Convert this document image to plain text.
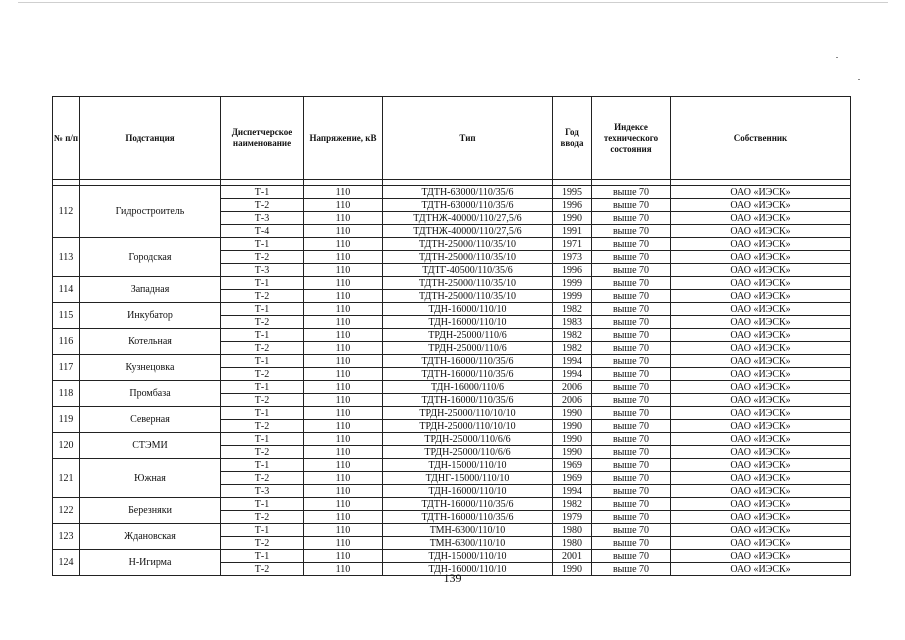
№ п/п	Подстанция	Диспетчерское наименование	Напряжение, кВ	Тип	Год ввода	Индексе технического состояния	Собственник

112	Гидростроитель	Т-1	110	ТДТН-63000/110/35/6	1995	выше 70	ОАО «ИЭСК»
		Т-2	110	ТДТН-63000/110/35/6	1996	выше 70	ОАО «ИЭСК»
		Т-3	110	ТДТНЖ-40000/110/27,5/6	1990	выше 70	ОАО «ИЭСК»
		Т-4	110	ТДТНЖ-40000/110/27,5/6	1991	выше 70	ОАО «ИЭСК»
113	Городская	Т-1	110	ТДТН-25000/110/35/10	1971	выше 70	ОАО «ИЭСК»
		Т-2	110	ТДТН-25000/110/35/10	1973	выше 70	ОАО «ИЭСК»
		Т-3	110	ТДТГ-40500/110/35/6	1996	выше 70	ОАО «ИЭСК»
114	Западная	Т-1	110	ТДТН-25000/110/35/10	1999	выше 70	ОАО «ИЭСК»
		Т-2	110	ТДТН-25000/110/35/10	1999	выше 70	ОАО «ИЭСК»
115	Инкубатор	Т-1	110	ТДН-16000/110/10	1982	выше 70	ОАО «ИЭСК»
		Т-2	110	ТДН-16000/110/10	1983	выше 70	ОАО «ИЭСК»
116	Котельная	Т-1	110	ТРДН-25000/110/6	1982	выше 70	ОАО «ИЭСК»
		Т-2	110	ТРДН-25000/110/6	1982	выше 70	ОАО «ИЭСК»
117	Кузнецовка	Т-1	110	ТДТН-16000/110/35/6	1994	выше 70	ОАО «ИЭСК»
		Т-2	110	ТДТН-16000/110/35/6	1994	выше 70	ОАО «ИЭСК»
118	Промбаза	Т-1	110	ТДН-16000/110/6	2006	выше 70	ОАО «ИЭСК»
		Т-2	110	ТДТН-16000/110/35/6	2006	выше 70	ОАО «ИЭСК»
119	Северная	Т-1	110	ТРДН-25000/110/10/10	1990	выше 70	ОАО «ИЭСК»
		Т-2	110	ТРДН-25000/110/10/10	1990	выше 70	ОАО «ИЭСК»
120	СТЭМИ	Т-1	110	ТРДН-25000/110/6/6	1990	выше 70	ОАО «ИЭСК»
		Т-2	110	ТРДН-25000/110/6/6	1990	выше 70	ОАО «ИЭСК»
121	Южная	Т-1	110	ТДН-15000/110/10	1969	выше 70	ОАО «ИЭСК»
		Т-2	110	ТДНГ-15000/110/10	1969	выше 70	ОАО «ИЭСК»
		Т-3	110	ТДН-16000/110/10	1994	выше 70	ОАО «ИЭСК»
122	Березняки	Т-1	110	ТДТН-16000/110/35/6	1982	выше 70	ОАО «ИЭСК»
		Т-2	110	ТДТН-16000/110/35/6	1979	выше 70	ОАО «ИЭСК»
123	Ждановская	Т-1	110	ТМН-6300/110/10	1980	выше 70	ОАО «ИЭСК»
		Т-2	110	ТМН-6300/110/10	1980	выше 70	ОАО «ИЭСК»
124	Н-Игирма	Т-1	110	ТДН-15000/110/10	2001	выше 70	ОАО «ИЭСК»
		Т-2	110	ТДН-16000/110/10	1990	выше 70	ОАО «ИЭСК»
139
